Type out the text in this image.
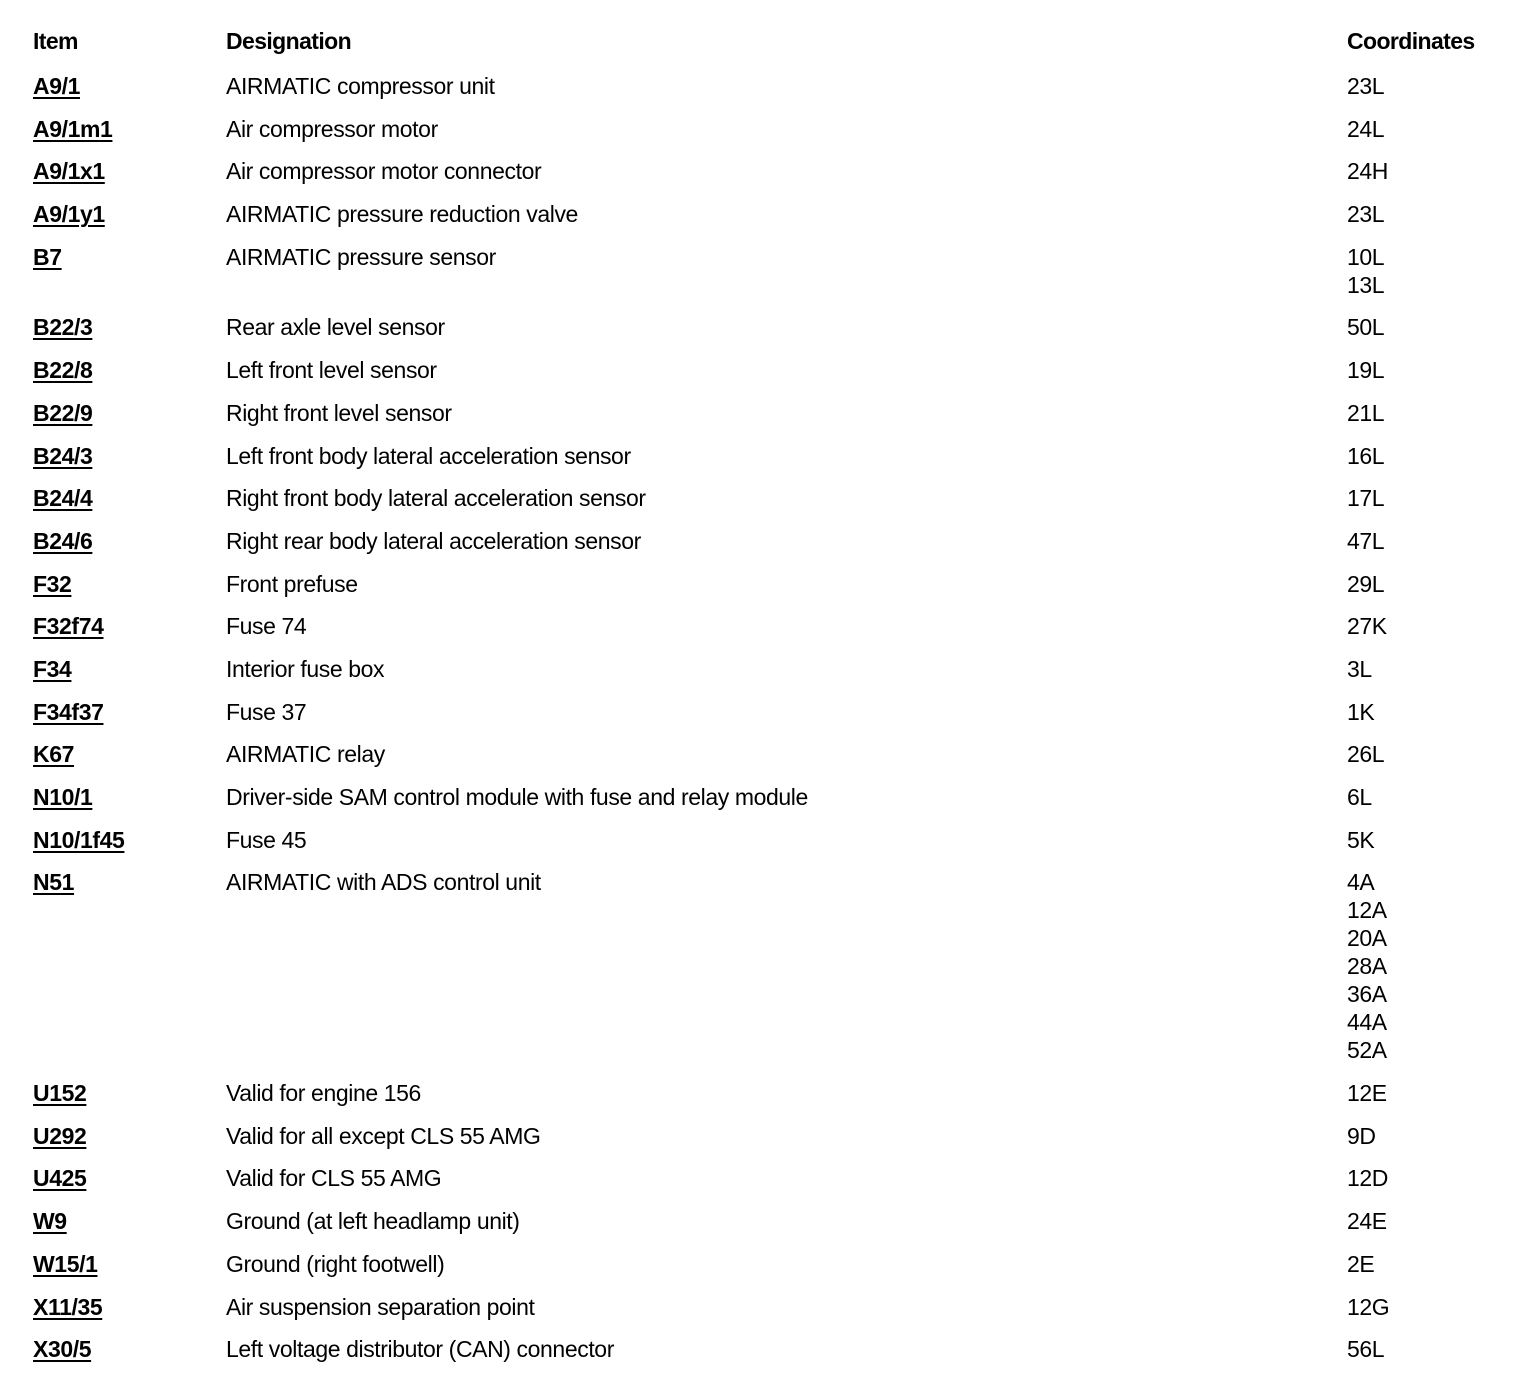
Item	Designation	Coordinates
A9/1	AIRMATIC compressor unit	23L
A9/1m1	Air compressor motor	24L
A9/1x1	Air compressor motor connector	24H
A9/1y1	AIRMATIC pressure reduction valve	23L
B7	AIRMATIC pressure sensor	10L
13L
B22/3	Rear axle level sensor	50L
B22/8	Left front level sensor	19L
B22/9	Right front level sensor	21L
B24/3	Left front body lateral acceleration sensor	16L
B24/4	Right front body lateral acceleration sensor	17L
B24/6	Right rear body lateral acceleration sensor	47L
F32	Front prefuse	29L
F32f74	Fuse 74	27K
F34	Interior fuse box	3L
F34f37	Fuse 37	1K
K67	AIRMATIC relay	26L
N10/1	Driver-side SAM control module with fuse and relay module	6L
N10/1f45	Fuse 45	5K
N51	AIRMATIC with ADS control unit	4A
12A
20A
28A
36A
44A
52A
U152	Valid for engine 156	12E
U292	Valid for all except CLS 55 AMG	9D
U425	Valid for CLS 55 AMG	12D
W9	Ground (at left headlamp unit)	24E
W15/1	Ground (right footwell)	2E
X11/35	Air suspension separation point	12G
X30/5	Left voltage distributor (CAN) connector	56L
